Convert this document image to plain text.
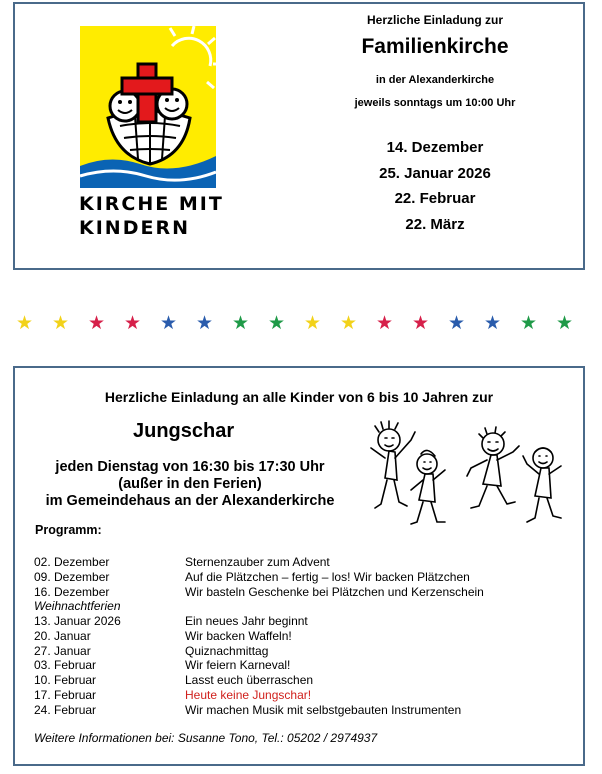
KIRCHE MIT
KINDERN
Herzliche Einladung zur
Familienkirche
in der Alexanderkirche
jeweils sonntags um 10:00 Uhr
14. Dezember
25. Januar 2026
22. Februar
22. März
★ ★ ★ ★ ★ ★ ★ ★ ★ ★ ★ ★ ★ ★ ★ ★
Herzliche Einladung an alle Kinder von 6 bis 10 Jahren zur
Jungschar
jeden Dienstag von 16:30 bis 17:30 Uhr
(außer in den Ferien)
im Gemeindehaus an der Alexanderkirche
Programm:
02. Dezember	Sternenzauber zum Advent
09. Dezember	Auf die Plätzchen – fertig – los! Wir backen Plätzchen
16. Dezember	Wir basteln Geschenke bei Plätzchen und Kerzenschein
Weihnachtferien
13. Januar 2026	Ein neues Jahr beginnt
20. Januar	Wir backen Waffeln!
27. Januar	Quiznachmittag
03. Februar	Wir feiern Karneval!
10. Februar	Lasst euch überraschen
17. Februar	Heute keine Jungschar!
24. Februar	Wir machen Musik mit selbstgebauten Instrumenten
Weitere Informationen bei: Susanne Tono, Tel.: 05202 / 2974937
